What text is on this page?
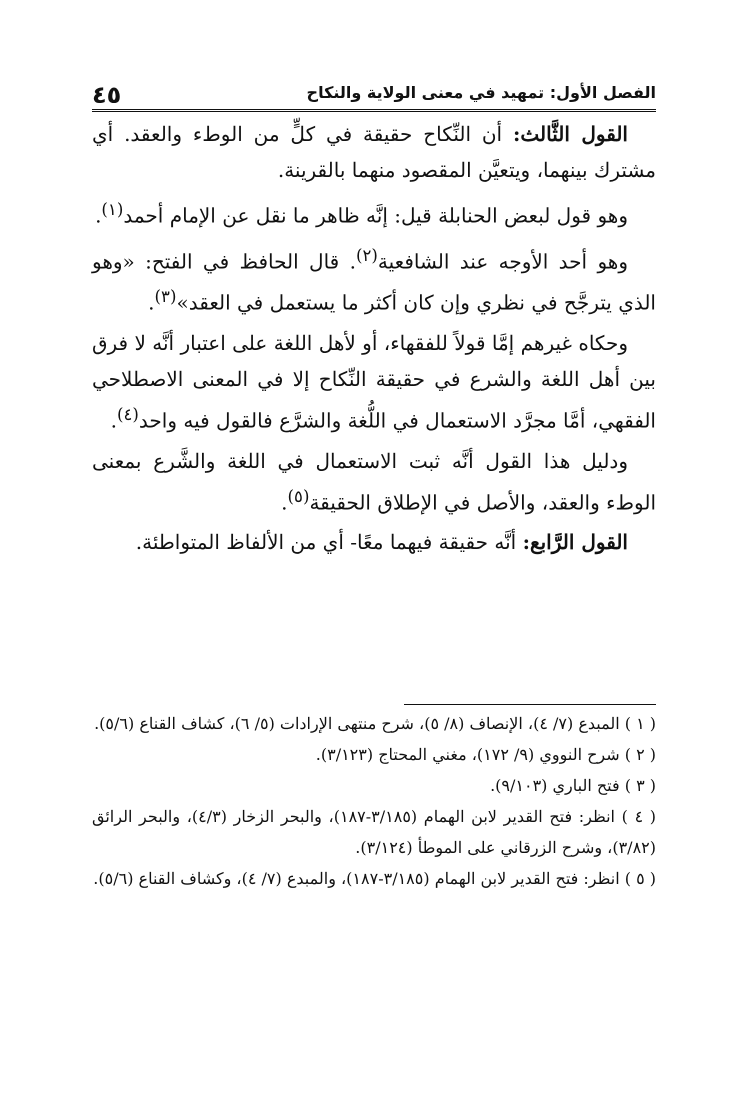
الفصل الأول: تمهيد في معنى الولاية والنكاح
٤٥

القول الثَّالث: أن النِّكاح حقيقة في كلٍّ من الوطء والعقد. أي مشترك بينهما، ويتعيَّن المقصود منهما بالقرينة.

وهو قول لبعض الحنابلة قيل: إنَّه ظاهر ما نقل عن الإمام أحمد$^{(١)}$.

وهو أحد الأوجه عند الشافعية$^{(٢)}$. قال الحافظ في الفتح: «وهو الذي يترجَّح في نظري وإن كان أكثر ما يستعمل في العقد»$^{(٣)}$.

وحكاه غيرهم إمَّا قولاً للفقهاء، أو لأهل اللغة على اعتبار أنَّه لا فرق بين أهل اللغة والشرع في حقيقة النِّكاح إلا في المعنى الاصطلاحي الفقهي، أمَّا مجرَّد الاستعمال في اللُّغة والشرَّع فالقول فيه واحد$^{(٤)}$.

ودليل هذا القول أنَّه ثبت الاستعمال في اللغة والشَّرع بمعنى الوطء والعقد، والأصل في الإطلاق الحقيقة$^{(٥)}$.

القول الرَّابع: أنَّه حقيقة فيهما معًا- أي من الألفاظ المتواطئة.

( ١ ) المبدع (٧/ ٤)، الإنصاف (٨/ ٥)، شرح منتهى الإرادات (٥/ ٦)، كشاف القناع (٥/٦).

( ٢ ) شرح النووي (٩/ ١٧٢)، مغني المحتاج (٣/١٢٣).

( ٣ ) فتح الباري (٩/١٠٣).

( ٤ ) انظر: فتح القدير لابن الهمام (٣/١٨٥-١٨٧)، والبحر الزخار (٤/٣)، والبحر الرائق (٣/٨٢)، وشرح الزرقاني على الموطأ (٣/١٢٤).

( ٥ ) انظر: فتح القدير لابن الهمام (٣/١٨٥-١٨٧)، والمبدع (٧/ ٤)، وكشاف القناع (٥/٦).
